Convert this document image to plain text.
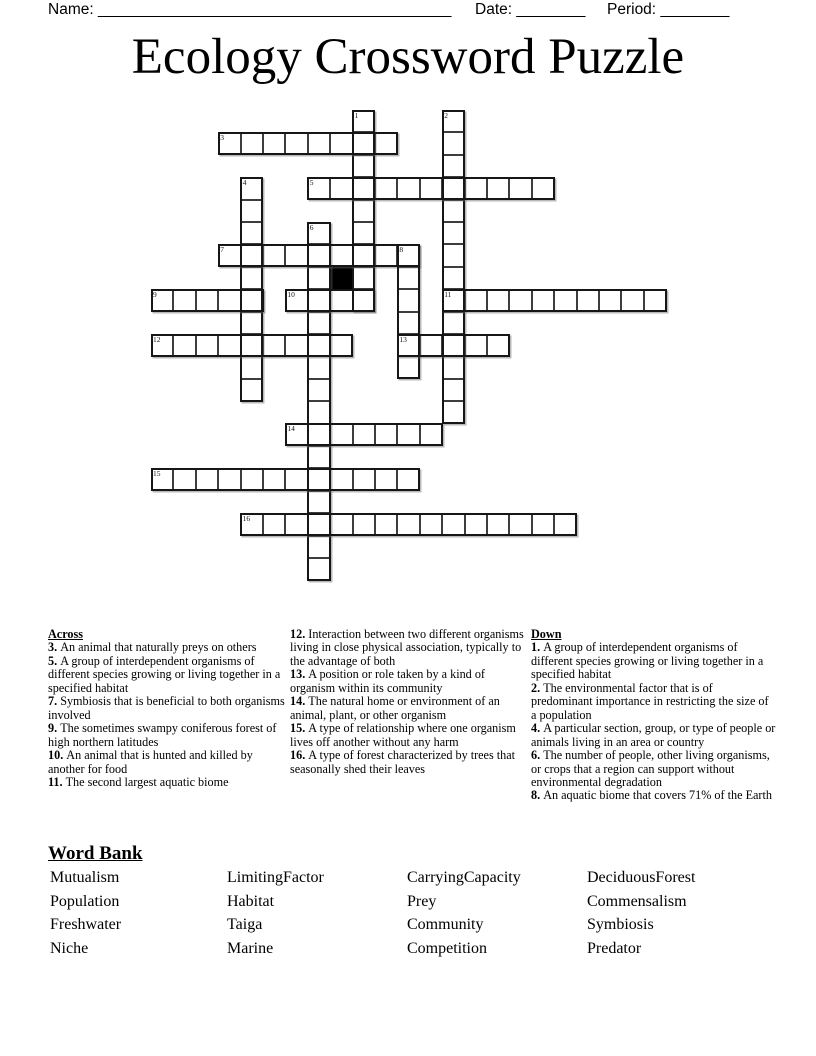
Name: _________________________________________ Date: ________ Period: ________
Ecology Crossword Puzzle
1	2
3
4	5
6
7	8
9	10	11
12	13
14
15
16
Across
3. An animal that naturally preys on others
5. A group of interdependent organisms of different species growing or living together in a specified habitat
7. Symbiosis that is beneficial to both organisms involved
9. The sometimes swampy coniferous forest of high northern latitudes
10. An animal that is hunted and killed by another for food
11. The second largest aquatic biome
12. Interaction between two different organisms living in close physical association, typically to the advantage of both
13. A position or role taken by a kind of organism within its community
14. The natural home or environment of an animal, plant, or other organism
15. A type of relationship where one organism lives off another without any harm
16. A type of forest characterized by trees that seasonally shed their leaves
Down
1. A group of interdependent organisms of different species growing or living together in a specified habitat
2. The environmental factor that is of predominant importance in restricting the size of a population
4. A particular section, group, or type of people or animals living in an area or country
6. The number of people, other living organisms, or crops that a region can support without environmental degradation
8. An aquatic biome that covers 71% of the Earth
Word Bank
Mutualism	LimitingFactor	CarryingCapacity	DeciduousForest
Population	Habitat	Prey	Commensalism
Freshwater	Taiga	Community	Symbiosis
Niche	Marine	Competition	Predator
